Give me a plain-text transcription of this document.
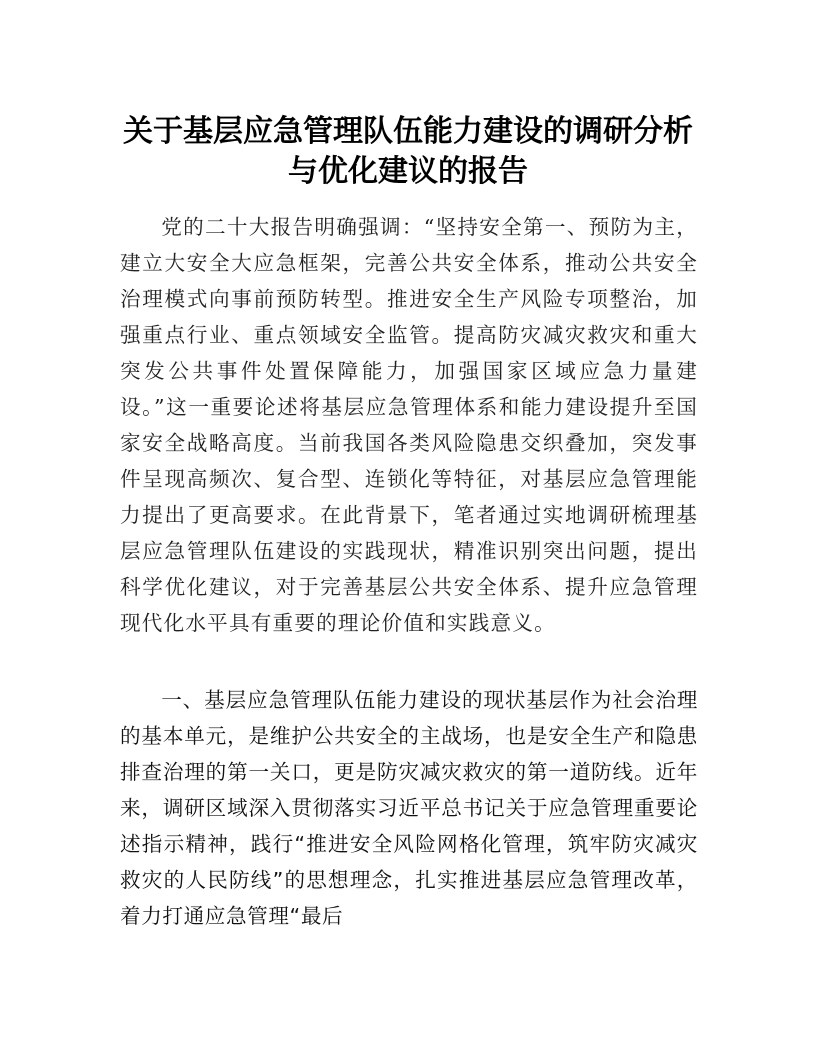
关于基层应急管理队伍能力建设的调研分析
与优化建议的报告

党的二十大报告明确强调：“坚持安全第一、预防为主，建立大安全大应急框架，完善公共安全体系，推动公共安全治理模式向事前预防转型。推进安全生产风险专项整治，加强重点行业、重点领域安全监管。提高防灾减灾救灾和重大突发公共事件处置保障能力，加强国家区域应急力量建设。”这一重要论述将基层应急管理体系和能力建设提升至国家安全战略高度。当前我国各类风险隐患交织叠加，突发事件呈现高频次、复合型、连锁化等特征，对基层应急管理能力提出了更高要求。在此背景下，笔者通过实地调研梳理基层应急管理队伍建设的实践现状，精准识别突出问题，提出科学优化建议，对于完善基层公共安全体系、提升应急管理现代化水平具有重要的理论价值和实践意义。

一、基层应急管理队伍能力建设的现状基层作为社会治理的基本单元，是维护公共安全的主战场，也是安全生产和隐患排查治理的第一关口，更是防灾减灾救灾的第一道防线。近年来，调研区域深入贯彻落实习近平总书记关于应急管理重要论述指示精神，践行“推进安全风险网格化管理，筑牢防灾减灾救灾的人民防线”的思想理念，扎实推进基层应急管理改革，着力打通应急管理“最后
